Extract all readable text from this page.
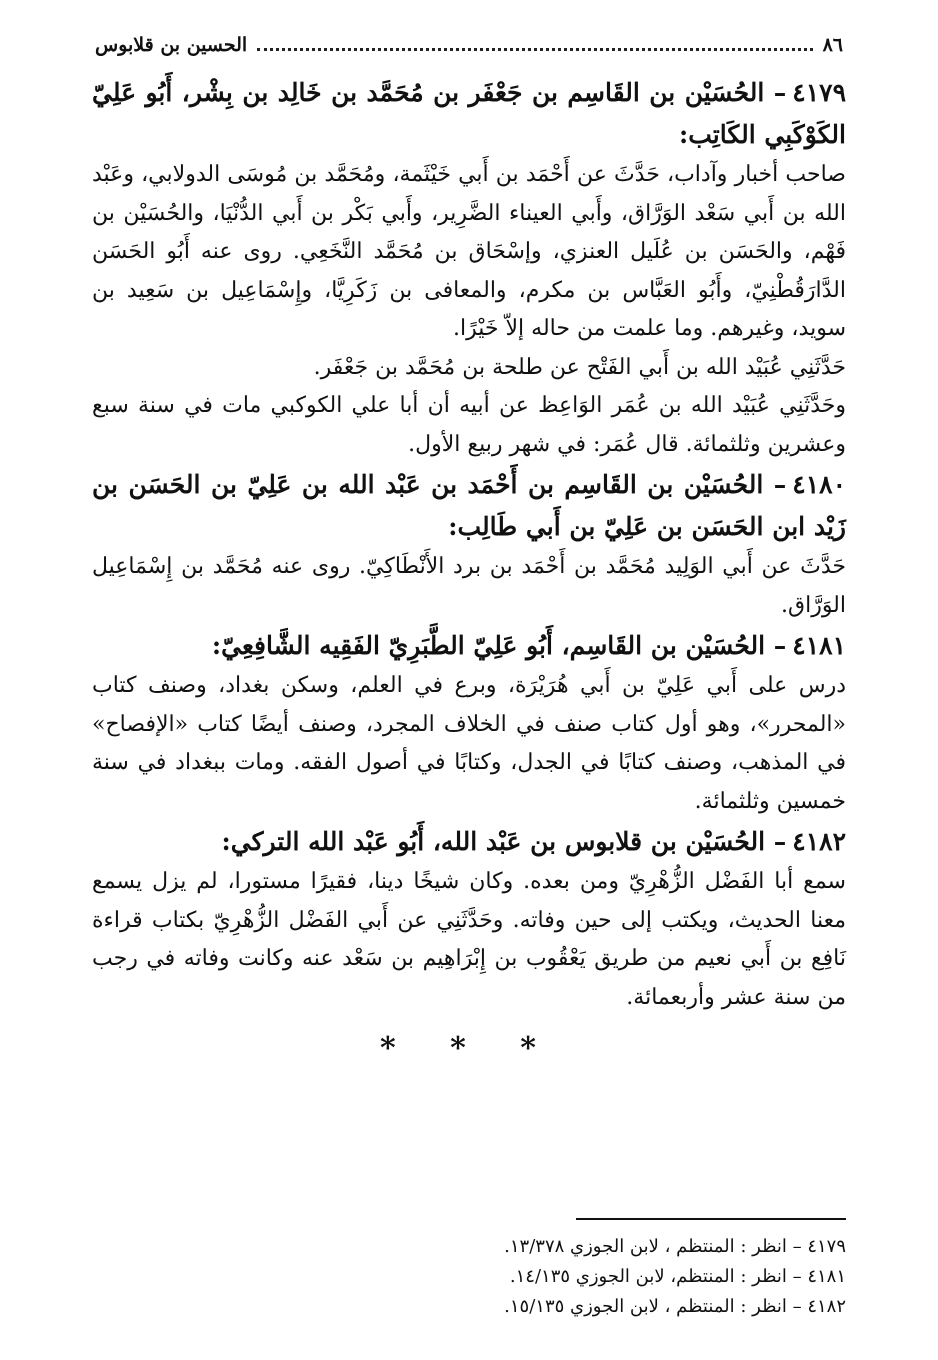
٨٦
الحسين بن قلابوس
٤١٧٩– الحُسَيْن بن القَاسِم بن جَعْفَر بن مُحَمَّد بن خَالِد بن بِشْر، أَبُو عَلِيّ الكَوْكَبِي الكَاتِب:

صاحب أخبار وآداب، حَدَّثَ عن أَحْمَد بن أَبي خَيْثَمة، ومُحَمَّد بن مُوسَى الدولابي، وعَبْد الله بن أَبي سَعْد الوَرَّاق، وأَبي العيناء الضَّرِير، وأَبي بَكْر بن أَبي الدُّنْيَا، والحُسَيْن بن فَهْم، والحَسَن بن عُلَيل العنزي، وإسْحَاق بن مُحَمَّد النَّخَعِي. روى عنه أَبُو الحَسَن الدَّارَقُطْنِيّ، وأَبُو العَبَّاس بن مكرم، والمعافى بن زَكَرِيَّا، وإِسْمَاعِيل بن سَعِيد بن سويد، وغيرهم. وما علمت من حاله إلاّ خَيْرًا.

حَدَّثَنِي عُبَيْد الله بن أَبي الفَتْح عن طلحة بن مُحَمَّد بن جَعْفَر.

وحَدَّثَنِي عُبَيْد الله بن عُمَر الوَاعِظ عن أبيه أن أبا علي الكوكبي مات في سنة سبع وعشرين وثلثمائة. قال عُمَر: في شهر ربيع الأول.

٤١٨٠– الحُسَيْن بن القَاسِم بن أَحْمَد بن عَبْد الله بن عَلِيّ بن الحَسَن بن زَيْد ابن الحَسَن بن عَلِيّ بن أَبي طَالِب:

حَدَّثَ عن أَبي الوَلِيد مُحَمَّد بن أَحْمَد بن برد الأَنْطَاكِيّ. روى عنه مُحَمَّد بن إِسْمَاعِيل الوَرَّاق.

٤١٨١– الحُسَيْن بن القَاسِم، أَبُو عَلِيّ الطَّبَرِيّ الفَقِيه الشَّافِعِيّ:

درس على أَبي عَلِيّ بن أَبي هُرَيْرَة، وبرع في العلم، وسكن بغداد، وصنف كتاب «المحرر»، وهو أول كتاب صنف في الخلاف المجرد، وصنف أيضًا كتاب «الإفصاح» في المذهب، وصنف كتابًا في الجدل، وكتابًا في أصول الفقه. ومات ببغداد في سنة خمسين وثلثمائة.

٤١٨٢– الحُسَيْن بن قلابوس بن عَبْد الله، أَبُو عَبْد الله التركي:

سمع أبا الفَضْل الزُّهْرِيّ ومن بعده. وكان شيخًا دينا، فقيرًا مستورا، لم يزل يسمع معنا الحديث، ويكتب إلى حين وفاته. وحَدَّثَنِي عن أَبي الفَضْل الزُّهْرِيّ بكتاب قراءة نَافِع بن أَبي نعيم من طريق يَعْقُوب بن إِبْرَاهِيم بن سَعْد عنه وكانت وفاته في رجب من سنة عشر وأربعمائة.

* * *
٤١٧٩ – انظر : المنتظم ، لابن الجوزي ١٣/٣٧٨.
٤١٨١ – انظر : المنتظم، لابن الجوزي ١٤/١٣٥.
٤١٨٢ – انظر : المنتظم ، لابن الجوزي ١٥/١٣٥.
